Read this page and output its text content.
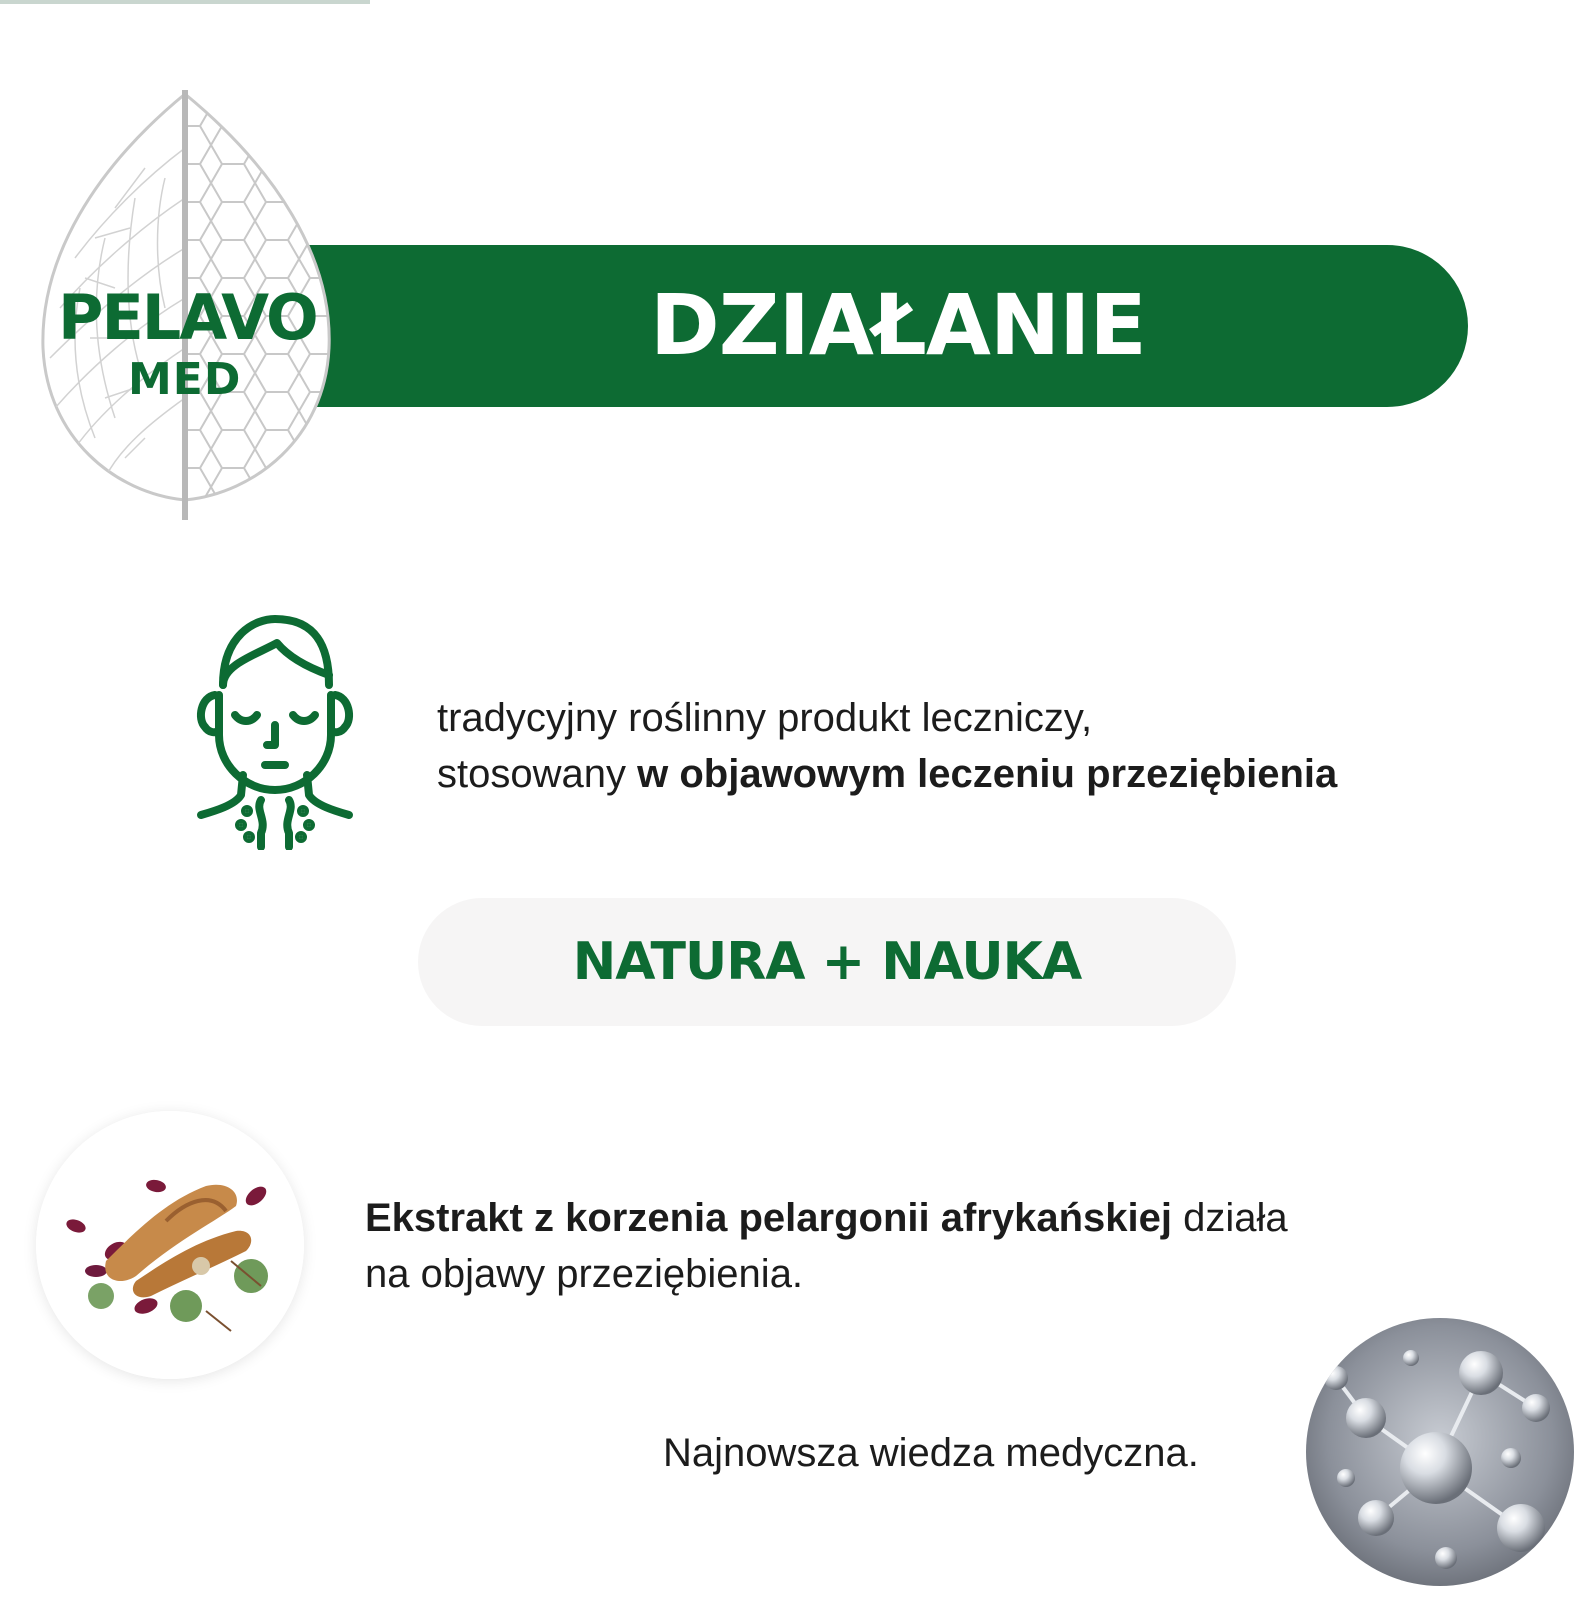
DZIAŁANIE
PELAVO
MED
tradycyjny roślinny produkt leczniczy,
stosowany w objawowym leczeniu przeziębienia
NATURA + NAUKA
Ekstrakt z korzenia pelargonii afrykańskiej działa
na objawy przeziębienia.
Najnowsza wiedza medyczna.
